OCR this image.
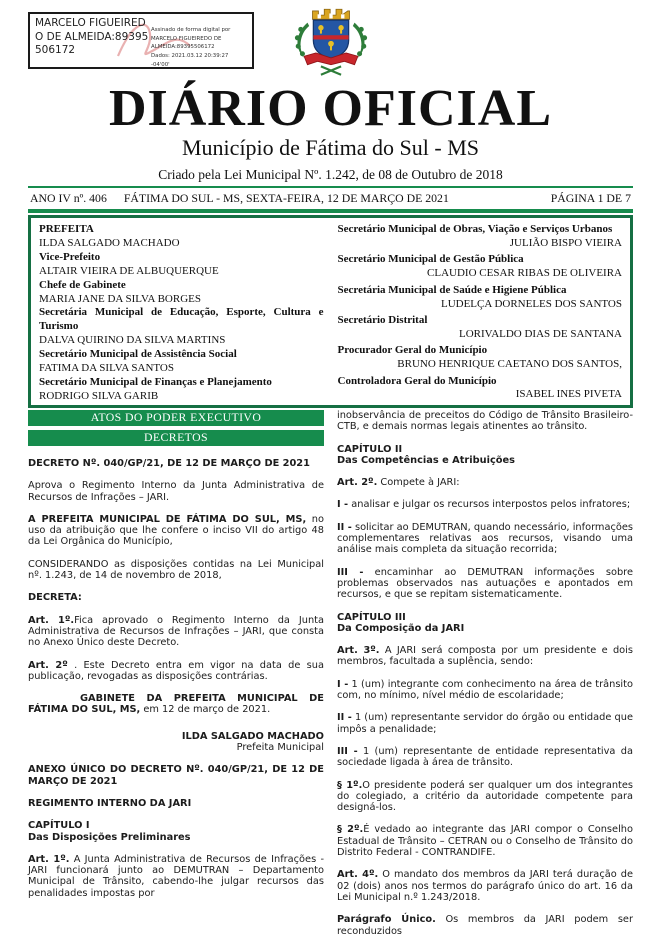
MARCELO FIGUEIREDO DE ALMEIDA:89395506172
Assinado de forma digital por
MARCELO FIGUEIREDO DE
ALMEIDA:89395506172
Dados: 2021.03.12 20:39:27 -04'00'
DIÁRIO OFICIAL
Município de Fátima do Sul - MS
Criado pela Lei Municipal Nº. 1.242, de 08 de Outubro de 2018
ANO IV nº. 406 FÁTIMA DO SUL - MS, SEXTA-FEIRA, 12 DE MARÇO DE 2021	PÁGINA 1 DE 7
PREFEITA
ILDA SALGADO MACHADO
Vice-Prefeito
ALTAIR VIEIRA DE ALBUQUERQUE
Chefe de Gabinete
MARIA JANE DA SILVA BORGES
Secretária Municipal de Educação, Esporte, Cultura e Turismo
DALVA QUIRINO DA SILVA MARTINS
Secretário Municipal de Assistência Social
FATIMA DA SILVA SANTOS
Secretário Municipal de Finanças e Planejamento
RODRIGO SILVA GARIB
Secretário Municipal de Obras, Viação e Serviços Urbanos
JULIÃO BISPO VIEIRA
Secretário Municipal de Gestão Pública
CLAUDIO CESAR RIBAS DE OLIVEIRA
Secretária Municipal de Saúde e Higiene Pública
LUDELÇA DORNELES DOS SANTOS
Secretário Distrital
LORIVALDO DIAS DE SANTANA
Procurador Geral do Município
BRUNO HENRIQUE CAETANO DOS SANTOS,
Controladora Geral do Município
ISABEL INES PIVETA
ATOS DO PODER EXECUTIVO
DECRETOS

DECRETO Nº. 040/GP/21, DE 12 DE MARÇO DE 2021

Aprova o Regimento Interno da Junta Administrativa de Recursos de Infrações – JARI.

A PREFEITA MUNICIPAL DE FÁTIMA DO SUL, MS, no uso da atribuição que lhe confere o inciso VII do artigo 48 da Lei Orgânica do Município,

CONSIDERANDO as disposições contidas na Lei Municipal nº. 1.243, de 14 de novembro de 2018,

DECRETA:

Art. 1º.Fica aprovado o Regimento Interno da Junta Administrativa de Recursos de Infrações – JARI, que consta no Anexo Único deste Decreto.

Art. 2º . Este Decreto entra em vigor na data de sua publicação, revogadas as disposições contrárias.

GABINETE DA PREFEITA MUNICIPAL DE FÁTIMA DO SUL, MS, em 12 de março de 2021.

ILDA SALGADO MACHADO

Prefeita Municipal

ANEXO ÚNICO DO DECRETO Nº. 040/GP/21, DE 12 DE MARÇO DE 2021

REGIMENTO INTERNO DA JARI

CAPÍTULO I

Das Disposições Preliminares

Art. 1º. A Junta Administrativa de Recursos de Infrações - JARI funcionará junto ao DEMUTRAN – Departamento Municipal de Trânsito, cabendo-lhe julgar recursos das penalidades impostas por

inobservância de preceitos do Código de Trânsito Brasileiro-CTB, e demais normas legais atinentes ao trânsito.

CAPÍTULO II

Das Competências e Atribuições

Art. 2º. Compete à JARI:

I - analisar e julgar os recursos interpostos pelos infratores;

II - solicitar ao DEMUTRAN, quando necessário, informações complementares relativas aos recursos, visando uma análise mais completa da situação recorrida;

III - encaminhar ao DEMUTRAN informações sobre problemas observados nas autuações e apontados em recursos, e que se repitam sistematicamente.

CAPÍTULO III

Da Composição da JARI

Art. 3º. A JARI será composta por um presidente e dois membros, facultada a suplência, sendo:

I - 1 (um) integrante com conhecimento na área de trânsito com, no mínimo, nível médio de escolaridade;

II - 1 (um) representante servidor do órgão ou entidade que impôs a penalidade;

III - 1 (um) representante de entidade representativa da sociedade ligada à área de trânsito.

§ 1º.O presidente poderá ser qualquer um dos integrantes do colegiado, a critério da autoridade competente para designá-los.

§ 2º.É vedado ao integrante das JARI compor o Conselho Estadual de Trânsito – CETRAN ou o Conselho de Trânsito do Distrito Federal - CONTRANDIFE.

Art. 4º. O mandato dos membros da JARI terá duração de 02 (dois) anos nos termos do parágrafo único do art. 16 da Lei Municipal n.º 1.243/2018.

Parágrafo Único. Os membros da JARI podem ser reconduzidos
